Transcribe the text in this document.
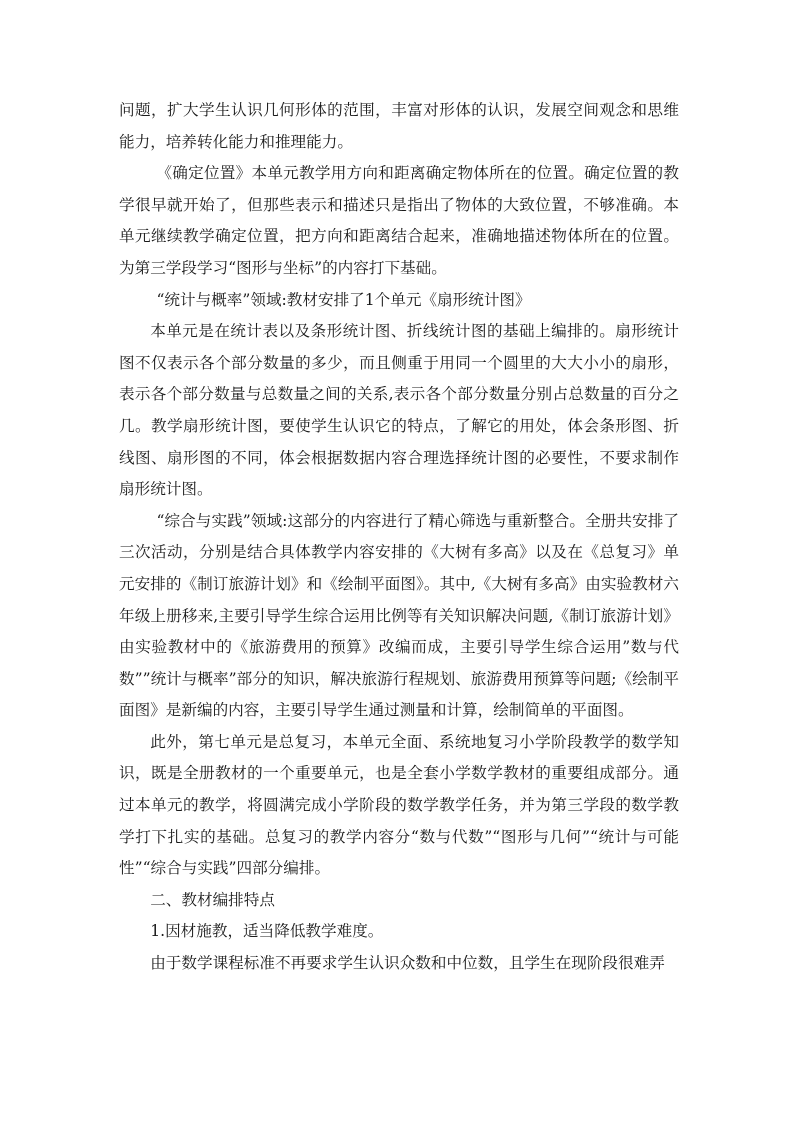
问题，扩大学生认识几何形体的范围，丰富对形体的认识，发展空间观念和思维能力，培养转化能力和推理能力。

《确定位置》本单元教学用方向和距离确定物体所在的位置。确定位置的教学很早就开始了，但那些表示和描述只是指出了物体的大致位置，不够准确。本单元继续教学确定位置，把方向和距离结合起来，准确地描述物体所在的位置。为第三学段学习“图形与坐标”的内容打下基础。

“统计与概率”领域:教材安排了1个单元《扇形统计图》

本单元是在统计表以及条形统计图、折线统计图的基础上编排的。扇形统计图不仅表示各个部分数量的多少，而且侧重于用同一个圆里的大大小小的扇形，表示各个部分数量与总数量之间的关系,表示各个部分数量分别占总数量的百分之几。教学扇形统计图，要使学生认识它的特点，了解它的用处，体会条形图、折线图、扇形图的不同，体会根据数据内容合理选择统计图的必要性，不要求制作扇形统计图。

“综合与实践”领域:这部分的内容进行了精心筛选与重新整合。全册共安排了三次活动，分别是结合具体教学内容安排的《大树有多高》以及在《总复习》单元安排的《制订旅游计划》和《绘制平面图》。其中,《大树有多高》由实验教材六年级上册移来,主要引导学生综合运用比例等有关知识解决问题,《制订旅游计划》由实验教材中的《旅游费用的预算》改编而成，主要引导学生综合运用”数与代数””统计与概率”部分的知识，解决旅游行程规划、旅游费用预算等问题;《绘制平面图》是新编的内容，主要引导学生通过测量和计算，绘制简单的平面图。

此外，第七单元是总复习，本单元全面、系统地复习小学阶段教学的数学知识，既是全册教材的一个重要单元，也是全套小学数学教材的重要组成部分。通过本单元的教学，将圆满完成小学阶段的数学教学任务，并为第三学段的数学教学打下扎实的基础。总复习的教学内容分“数与代数”“图形与几何”“统计与可能性”“综合与实践”四部分编排。

二、教材编排特点

1.因材施教，适当降低教学难度。

由于数学课程标准不再要求学生认识众数和中位数，且学生在现阶段很难弄
